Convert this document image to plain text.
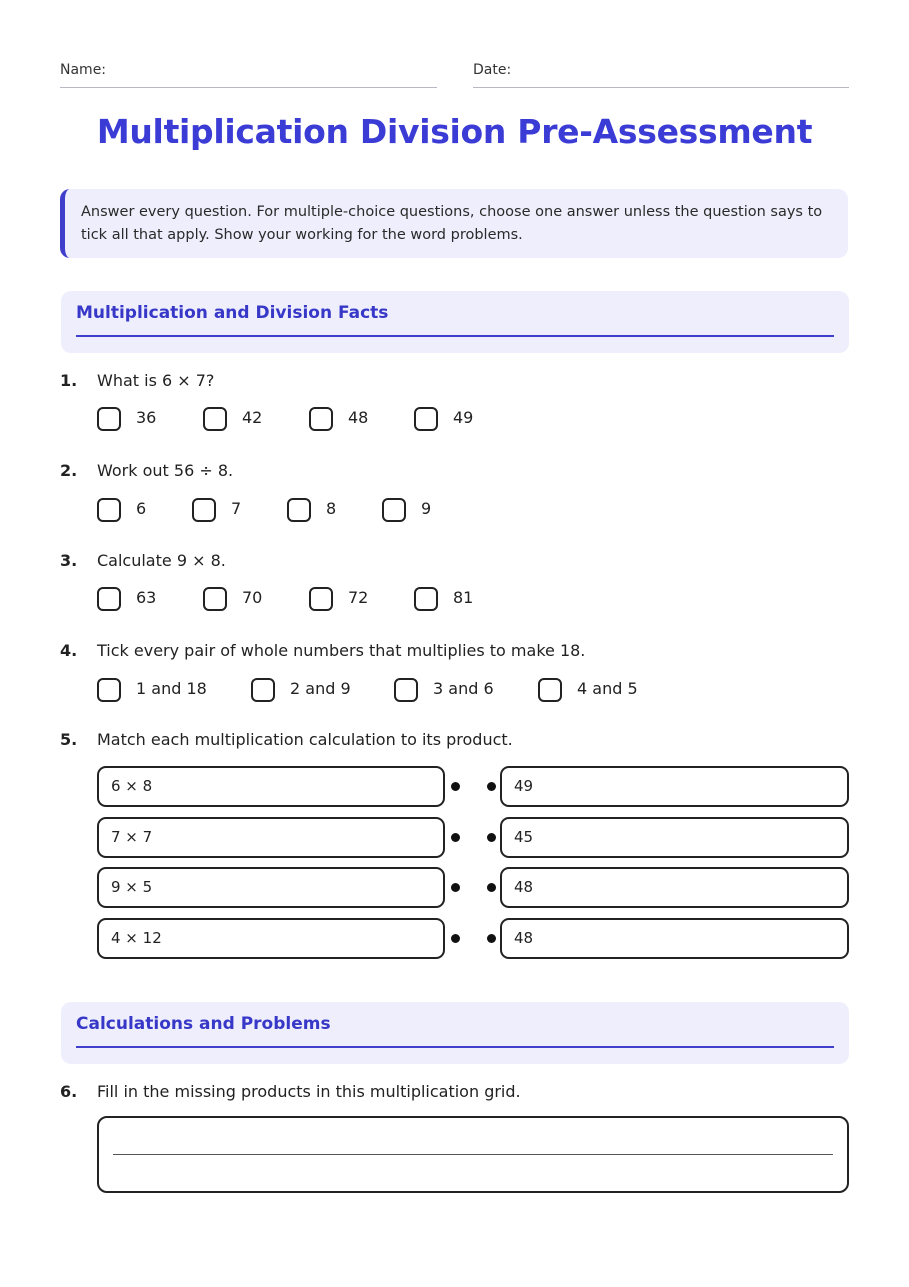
Name:	Date:
Multiplication Division Pre-Assessment
Answer every question. For multiple-choice questions, choose one answer unless the question says to tick all that apply. Show your working for the word problems.
Multiplication and Division Facts
1. What is 6 × 7?
36	42	48	49
2. Work out 56 ÷ 8.
6	7	8	9
3. Calculate 9 × 8.
63	70	72	81
4. Tick every pair of whole numbers that multiplies to make 18.
1 and 18	2 and 9	3 and 6	4 and 5
5. Match each multiplication calculation to its product.
6 × 8	49
7 × 7	45
9 × 5	48
4 × 12	48
Calculations and Problems
6. Fill in the missing products in this multiplication grid.
